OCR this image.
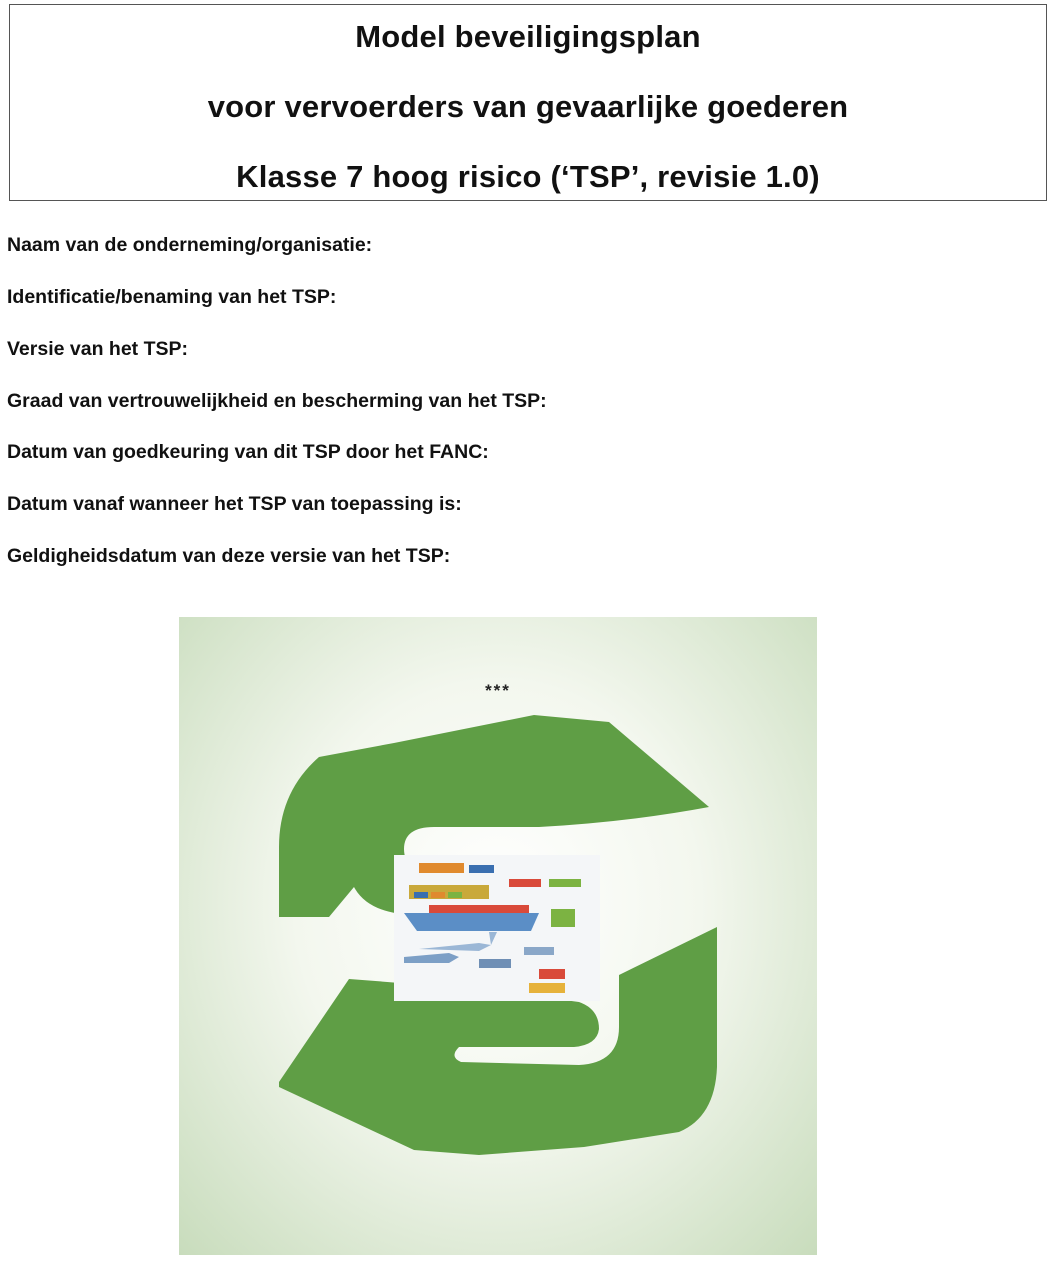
Model beveiligingsplan
voor vervoerders van gevaarlijke goederen
Klasse 7 hoog risico (‘TSP’, revisie 1.0)
Naam van de onderneming/organisatie:
Identificatie/benaming van het TSP:
Versie van het TSP:
Graad van vertrouwelijkheid en bescherming van het TSP:
Datum van goedkeuring van dit TSP door het FANC:
Datum vanaf wanneer het TSP van toepassing is:
Geldigheidsdatum van deze versie van het TSP:
***
